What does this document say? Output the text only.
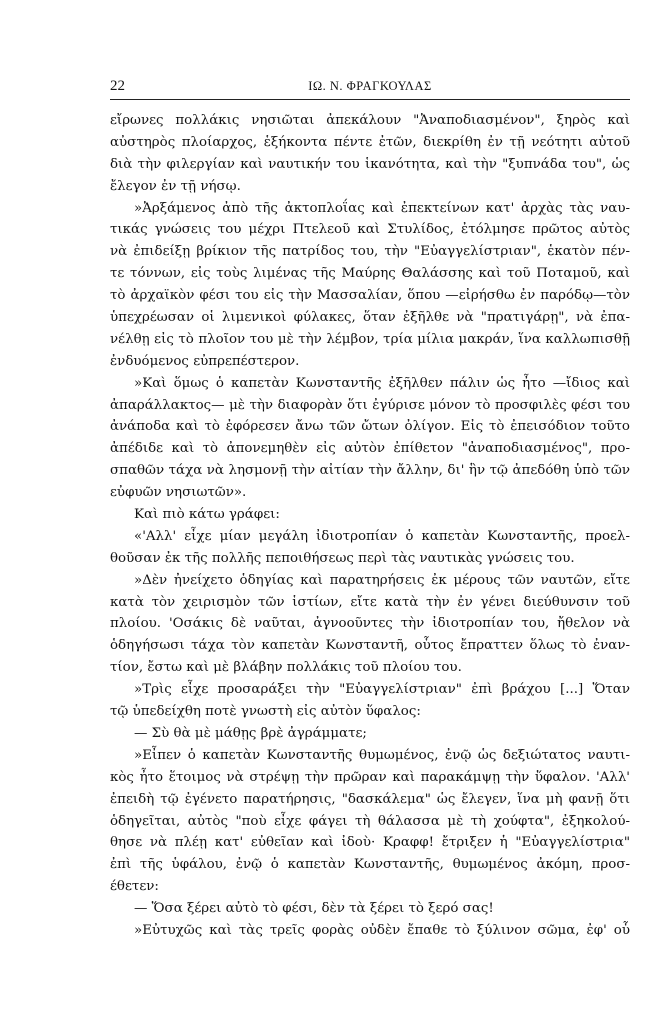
22	ΙΩ. Ν. ΦΡΑΓΚΟΥΛΑΣ
εἴρωνες πολλάκις νησιῶται ἀπεκάλουν "Ἀναποδιασμένον", ξηρὸς καὶ
αὐστηρὸς πλοίαρχος, ἑξήκοντα πέντε ἐτῶν, διεκρίθη ἐν τῇ νεότητι αὐτοῦ
διὰ τὴν φιλεργίαν καὶ ναυτικήν του ἱκανότητα, καὶ τὴν "ξυπνάδα του", ὡς
ἔλεγον ἐν τῇ νήσῳ.
»Ἀρξάμενος ἀπὸ τῆς ἀκτοπλοΐας καὶ ἐπεκτείνων κατ' ἀρχὰς τὰς ναυ-
τικάς γνώσεις του μέχρι Πτελεοῦ καὶ Στυλίδος, ἐτόλμησε πρῶτος αὐτὸς
νὰ ἐπιδείξῃ βρίκιον τῆς πατρίδος του, τὴν "Εὐαγγελίστριαν", ἑκατὸν πέν-
τε τόννων, εἰς τοὺς λιμένας τῆς Μαύρης Θαλάσσης καὶ τοῦ Ποταμοῦ, καὶ
τὸ ἀρχαϊκὸν φέσι του εἰς τὴν Μασσαλίαν, ὅπου —εἰρήσθω ἐν παρόδῳ—τὸν
ὑπεχρέωσαν οἱ λιμενικοὶ φύλακες, ὅταν ἐξῆλθε νὰ "πρατιγάρῃ", νὰ ἐπα-
νέλθῃ εἰς τὸ πλοῖον του μὲ τὴν λέμβον, τρία μίλια μακράν, ἵνα καλλωπισθῇ
ἐνδυόμενος εὐπρεπέστερον.
»Καὶ ὅμως ὁ καπετὰν Κωνσταντῆς ἐξῆλθεν πάλιν ὡς ἦτο —ἴδιος καὶ
ἀπαράλλακτος— μὲ τὴν διαφορὰν ὅτι ἐγύρισε μόνον τὸ προσφιλὲς φέσι του
ἀνάποδα καὶ τὸ ἐφόρεσεν ἄνω τῶν ὤτων ὀλίγον. Εἰς τὸ ἐπεισόδιον τοῦτο
ἀπέδιδε καὶ τὸ ἀπονεμηθὲν εἰς αὐτὸν ἐπίθετον "ἀναποδιασμένος", προ-
σπαθῶν τάχα νὰ λησμονῇ τὴν αἰτίαν τὴν ἄλλην, δι' ἣν τῷ ἀπεδόθη ὑπὸ τῶν
εὐφυῶν νησιωτῶν».
Καὶ πιὸ κάτω γράφει:
«'Αλλ' εἶχε μίαν μεγάλη ἰδιοτροπίαν ὁ καπετὰν Κωνσταντῆς, προελ-
θοῦσαν ἐκ τῆς πολλῆς πεποιθήσεως περὶ τὰς ναυτικὰς γνώσεις του.
»Δὲν ἠνείχετο ὁδηγίας καὶ παρατηρήσεις ἐκ μέρους τῶν ναυτῶν, εἴτε
κατὰ τὸν χειρισμὸν τῶν ἱστίων, εἴτε κατὰ τὴν ἐν γένει διεύθυνσιν τοῦ
πλοίου. 'Οσάκις δὲ ναῦται, ἀγνοοῦντες τὴν ἰδιοτροπίαν του, ἤθελον νὰ
ὁδηγήσωσι τάχα τὸν καπετὰν Κωνσταντῆ, οὗτος ἔπραττεν ὅλως τὸ ἐναν-
τίον, ἔστω καὶ μὲ βλάβην πολλάκις τοῦ πλοίου του.
»Τρὶς εἶχε προσαράξει τὴν "Εὐαγγελίστριαν" ἐπὶ βράχου [...] Ὅταν
τῷ ὑπεδείχθη ποτὲ γνωστὴ εἰς αὐτὸν ὕφαλος:
— Σὺ θὰ μὲ μάθῃς βρὲ ἀγράμματε;
»Εἶπεν ὁ καπετὰν Κωνσταντῆς θυμωμένος, ἐνῷ ὡς δεξιώτατος ναυτι-
κὸς ἦτο ἕτοιμος νὰ στρέψῃ τὴν πρῶραν καὶ παρακάμψῃ τὴν ὕφαλον. 'Αλλ'
ἐπειδὴ τῷ ἐγένετο παρατήρησις, "δασκάλεμα" ὡς ἔλεγεν, ἵνα μὴ φανῇ ὅτι
ὁδηγεῖται, αὐτὸς "ποὺ εἶχε φάγει τὴ θάλασσα μὲ τὴ χούφτα", ἐξηκολού-
θησε νὰ πλέῃ κατ' εὐθεῖαν καὶ ἰδοὺ· Κραφφ! ἔτριξεν ἡ "Εὐαγγελίστρια"
ἐπὶ τῆς ὑφάλου, ἐνῷ ὁ καπετὰν Κωνσταντῆς, θυμωμένος ἀκόμη, προσ-
έθετεν:
— Ὅσα ξέρει αὐτὸ τὸ φέσι, δὲν τὰ ξέρει τὸ ξερό σας!
»Εὐτυχῶς καὶ τὰς τρεῖς φορὰς οὐδὲν ἔπαθε τὸ ξύλινον σῶμα, ἐφ' οὗ
